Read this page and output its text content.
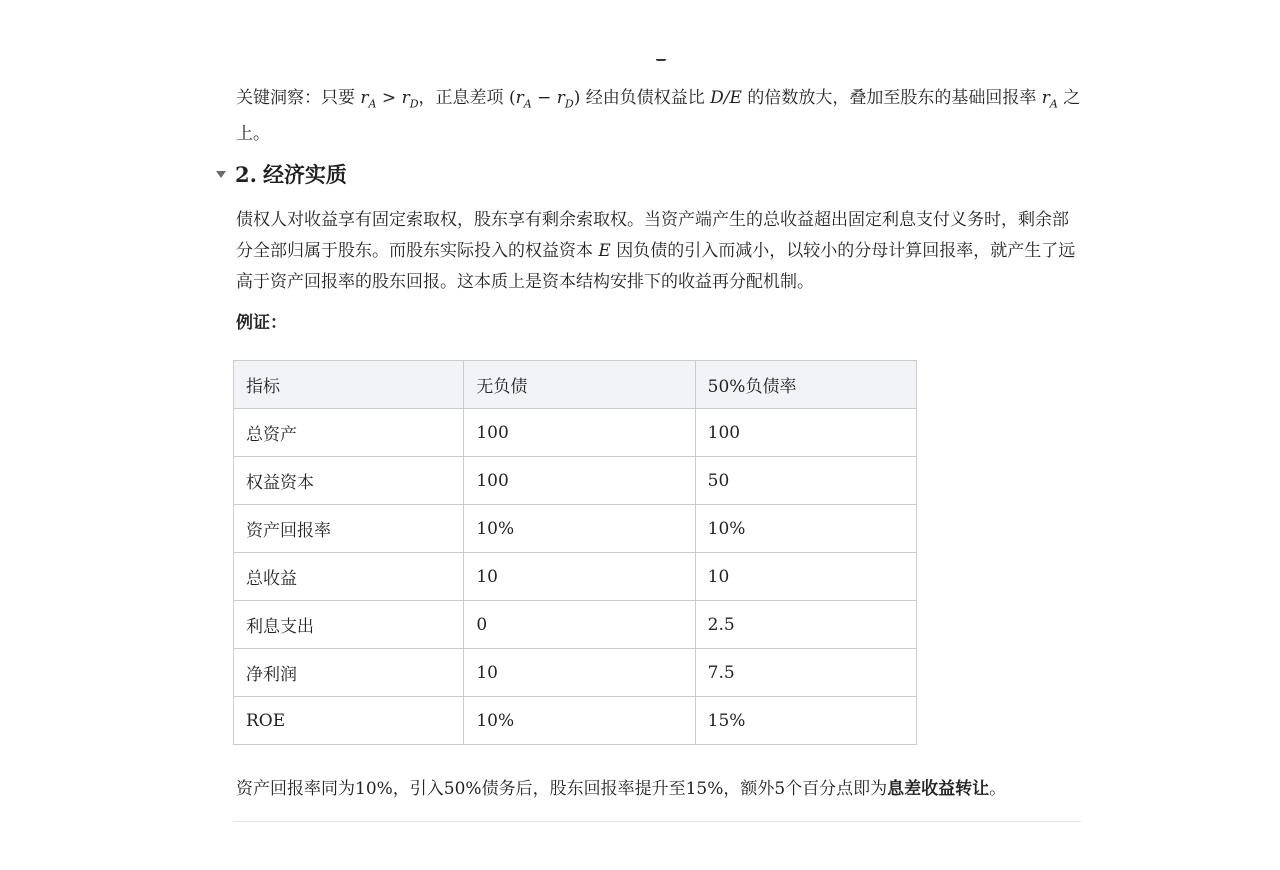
关键洞察：只要 $r_A > r_D$，正息差项 $(r_A - r_D)$ 经由负债权益比 D/E 的倍数放大，叠加至股东的基础回报率 $r_A$ 之上。

2. 经济实质

债权人对收益享有固定索取权，股东享有剩余索取权。当资产端产生的总收益超出固定利息支付义务时，剩余部分全部归属于股东。而股东实际投入的权益资本 E 因负债的引入而减小，以较小的分母计算回报率，就产生了远高于资产回报率的股东回报。这本质上是资本结构安排下的收益再分配机制。

例证：
指标	无负债	50%负债率
总资产	100	100
权益资本	100	50
资产回报率	10%	10%
总收益	10	10
利息支出	0	2.5
净利润	10	7.5
ROE	10%	15%

资产回报率同为10%，引入50%债务后，股东回报率提升至15%，额外5个百分点即为息差收益转让。
